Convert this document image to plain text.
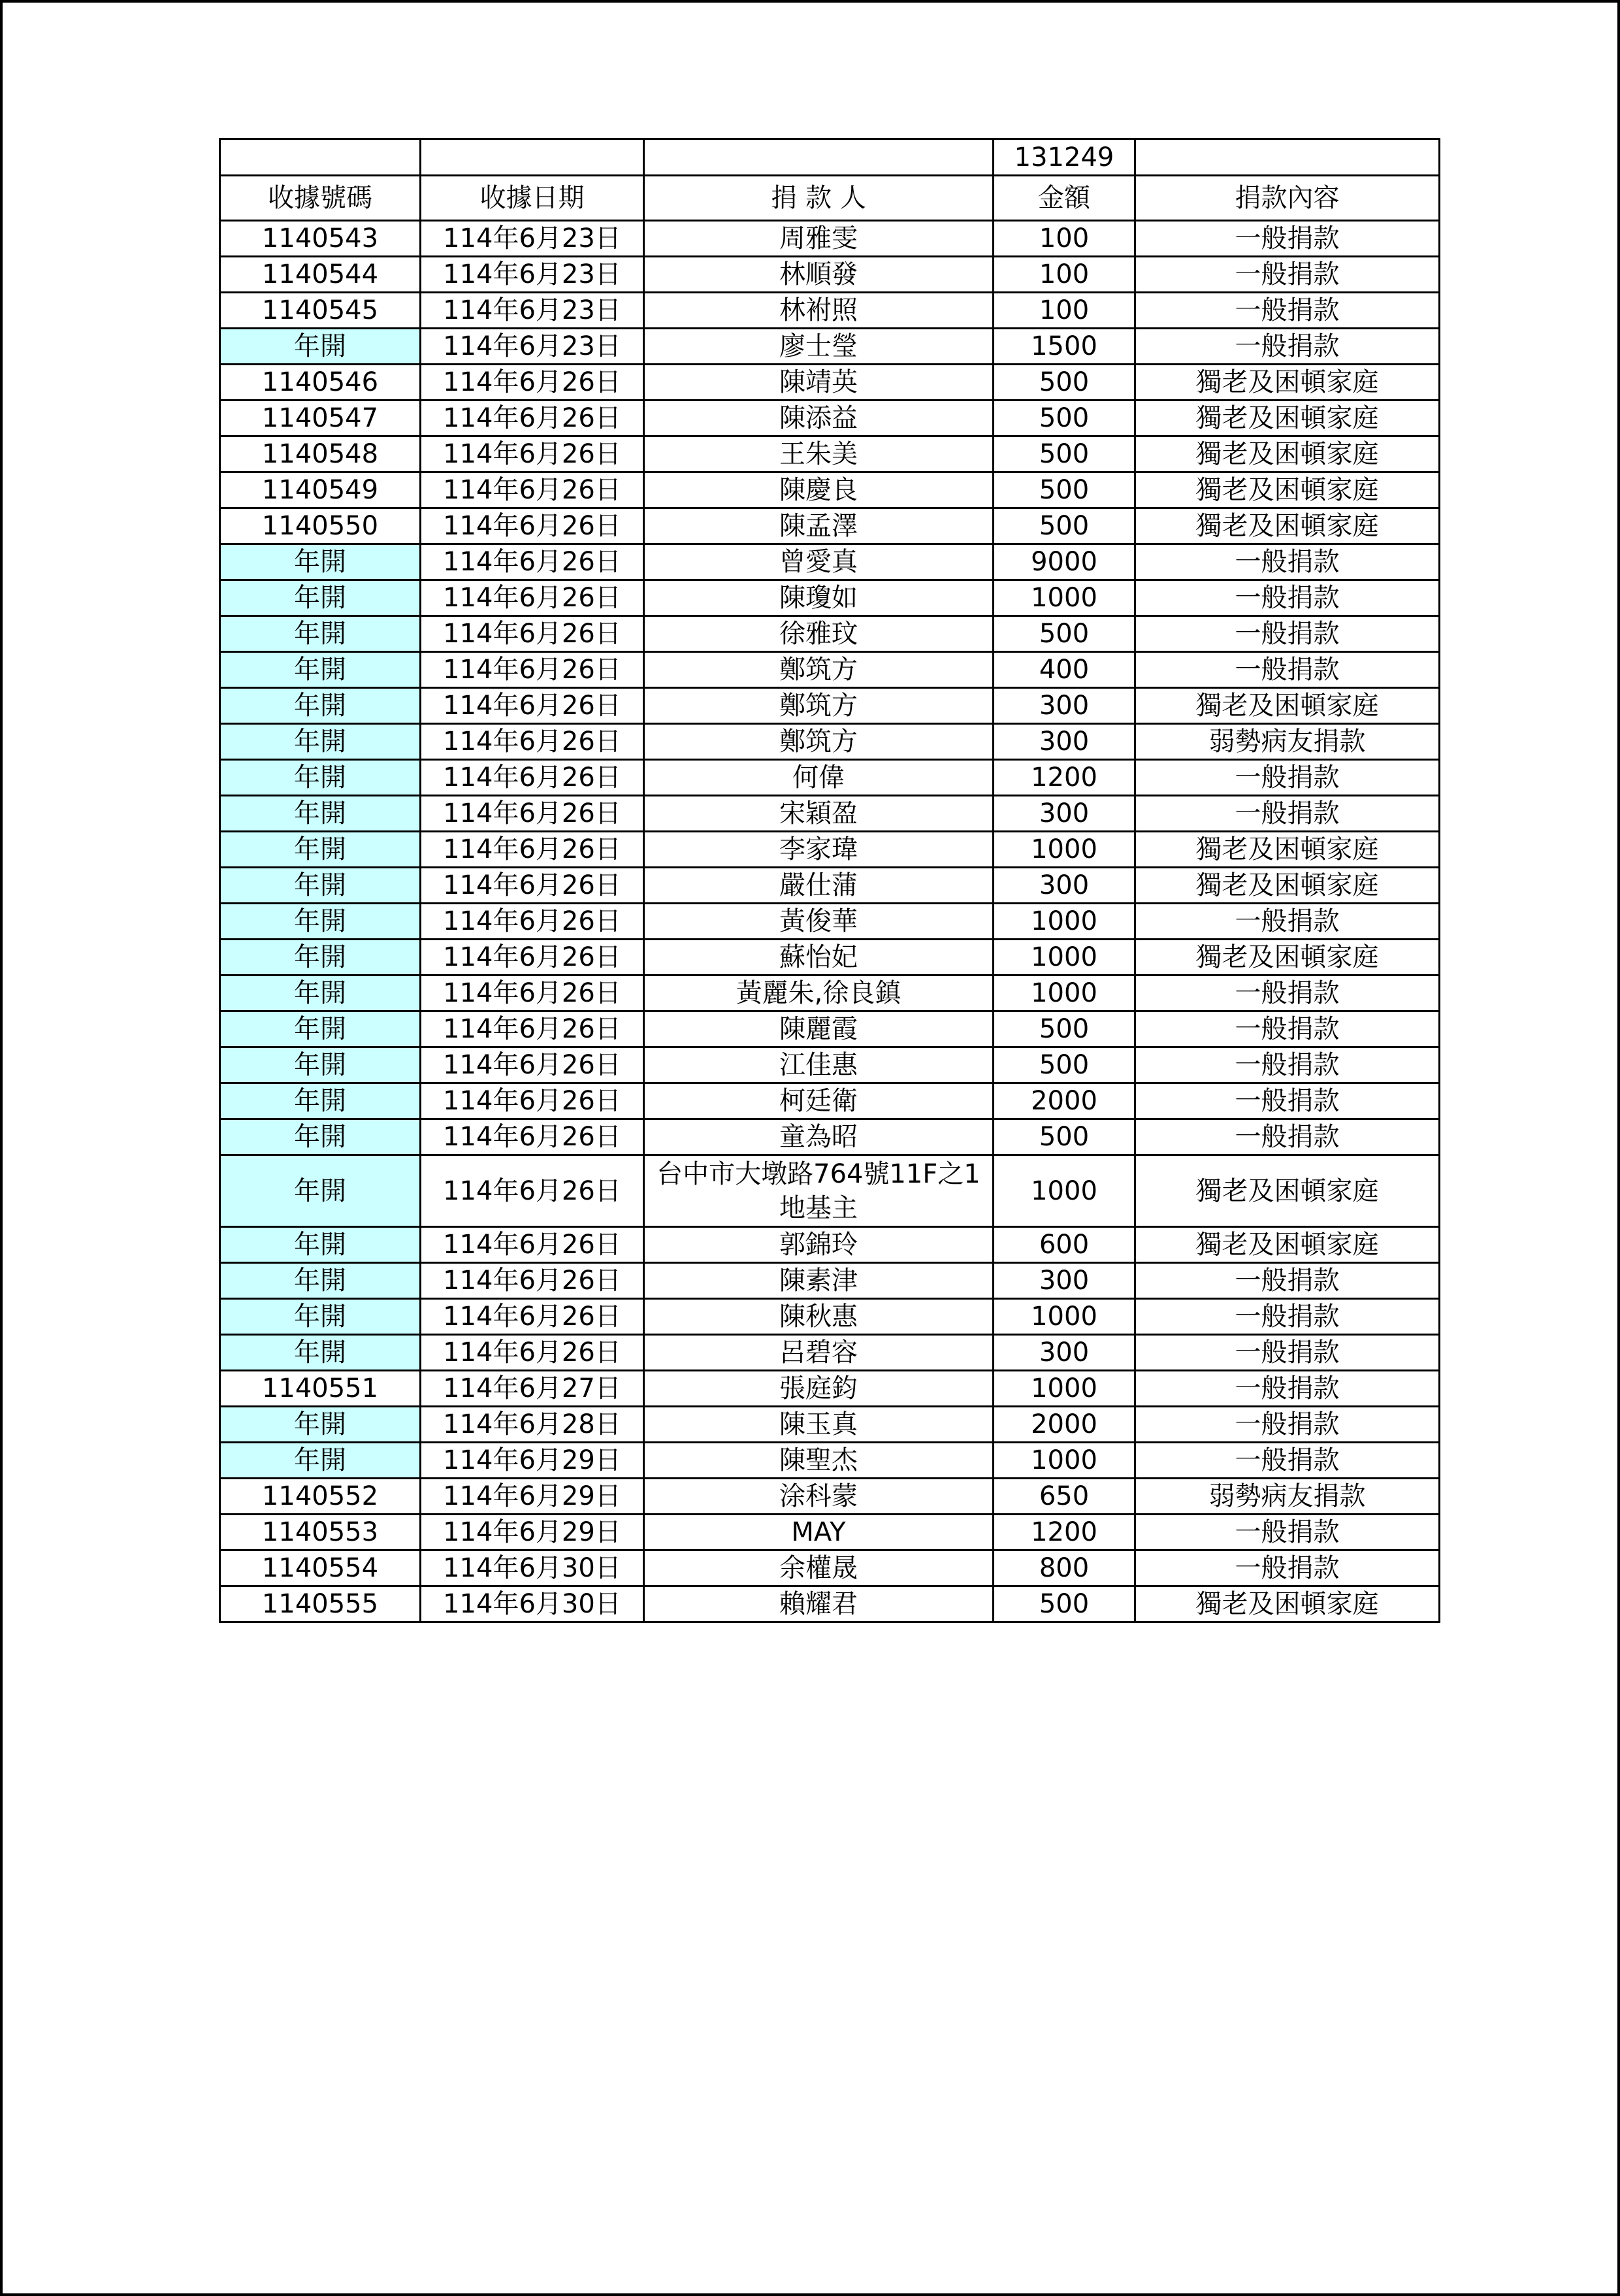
			131249	
收據號碼	收據日期	捐 款 人	金額	捐款內容
1140543	114年6月23日	周雅雯	100	一般捐款
1140544	114年6月23日	林順發	100	一般捐款
1140545	114年6月23日	林袝照	100	一般捐款
年開	114年6月23日	廖士瑩	1500	一般捐款
1140546	114年6月26日	陳靖英	500	獨老及困頓家庭
1140547	114年6月26日	陳添益	500	獨老及困頓家庭
1140548	114年6月26日	王朱美	500	獨老及困頓家庭
1140549	114年6月26日	陳慶良	500	獨老及困頓家庭
1140550	114年6月26日	陳孟澤	500	獨老及困頓家庭
年開	114年6月26日	曾愛真	9000	一般捐款
年開	114年6月26日	陳瓊如	1000	一般捐款
年開	114年6月26日	徐雅玟	500	一般捐款
年開	114年6月26日	鄭筑方	400	一般捐款
年開	114年6月26日	鄭筑方	300	獨老及困頓家庭
年開	114年6月26日	鄭筑方	300	弱勢病友捐款
年開	114年6月26日	何偉	1200	一般捐款
年開	114年6月26日	宋穎盈	300	一般捐款
年開	114年6月26日	李家瑋	1000	獨老及困頓家庭
年開	114年6月26日	嚴仕蒲	300	獨老及困頓家庭
年開	114年6月26日	黃俊華	1000	一般捐款
年開	114年6月26日	蘇怡妃	1000	獨老及困頓家庭
年開	114年6月26日	黃麗朱,徐良鎮	1000	一般捐款
年開	114年6月26日	陳麗霞	500	一般捐款
年開	114年6月26日	江佳惠	500	一般捐款
年開	114年6月26日	柯廷衛	2000	一般捐款
年開	114年6月26日	童為昭	500	一般捐款
年開	114年6月26日	台中市大墩路764號11F之1 地基主	1000	獨老及困頓家庭
年開	114年6月26日	郭錦玲	600	獨老及困頓家庭
年開	114年6月26日	陳素津	300	一般捐款
年開	114年6月26日	陳秋惠	1000	一般捐款
年開	114年6月26日	呂碧容	300	一般捐款
1140551	114年6月27日	張庭鈞	1000	一般捐款
年開	114年6月28日	陳玉真	2000	一般捐款
年開	114年6月29日	陳聖杰	1000	一般捐款
1140552	114年6月29日	涂科蒙	650	弱勢病友捐款
1140553	114年6月29日	MAY	1200	一般捐款
1140554	114年6月30日	余權晟	800	一般捐款
1140555	114年6月30日	賴耀君	500	獨老及困頓家庭
